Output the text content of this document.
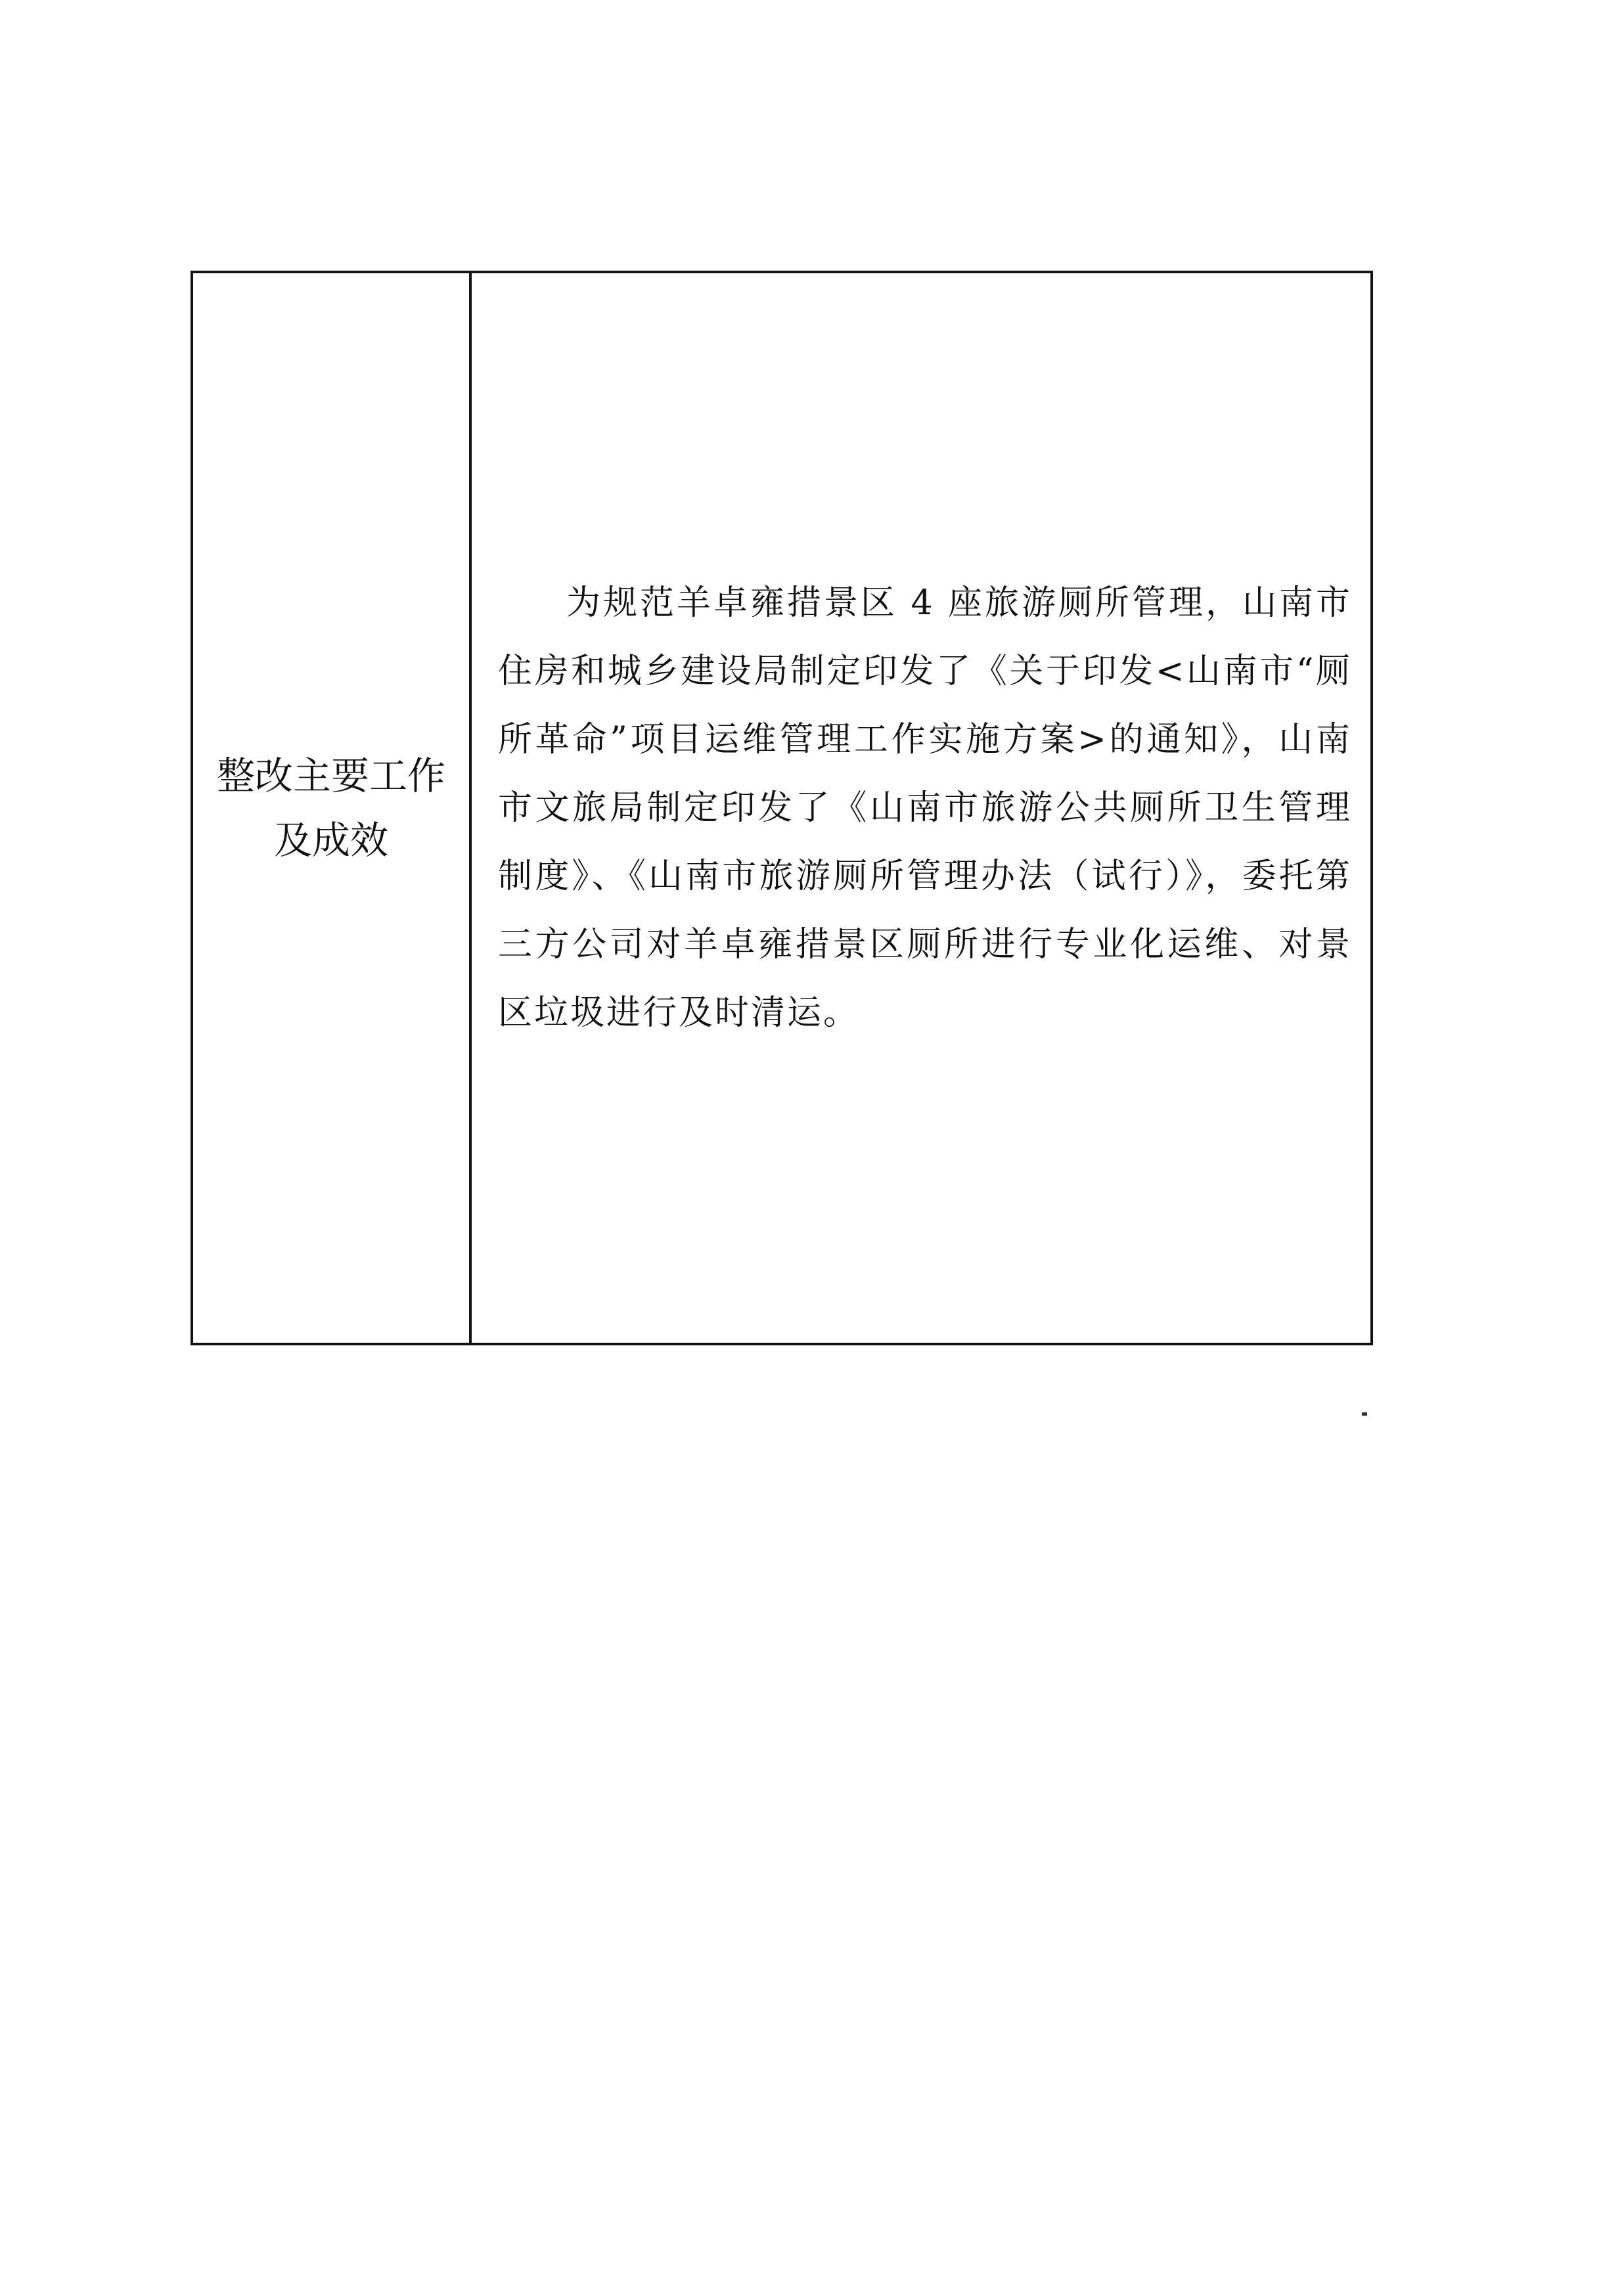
整改主要工作
及成效

为规范羊卓雍措景区 4 座旅游厕所管理，山南市住房和城乡建设局制定印发了《关于印发<山南市“厕所革命”项目运维管理工作实施方案>的通知》，山南市文旅局制定印发了《山南市旅游公共厕所卫生管理制度》、《山南市旅游厕所管理办法（试行）》，委托第三方公司对羊卓雍措景区厕所进行专业化运维、对景区垃圾进行及时清运。
